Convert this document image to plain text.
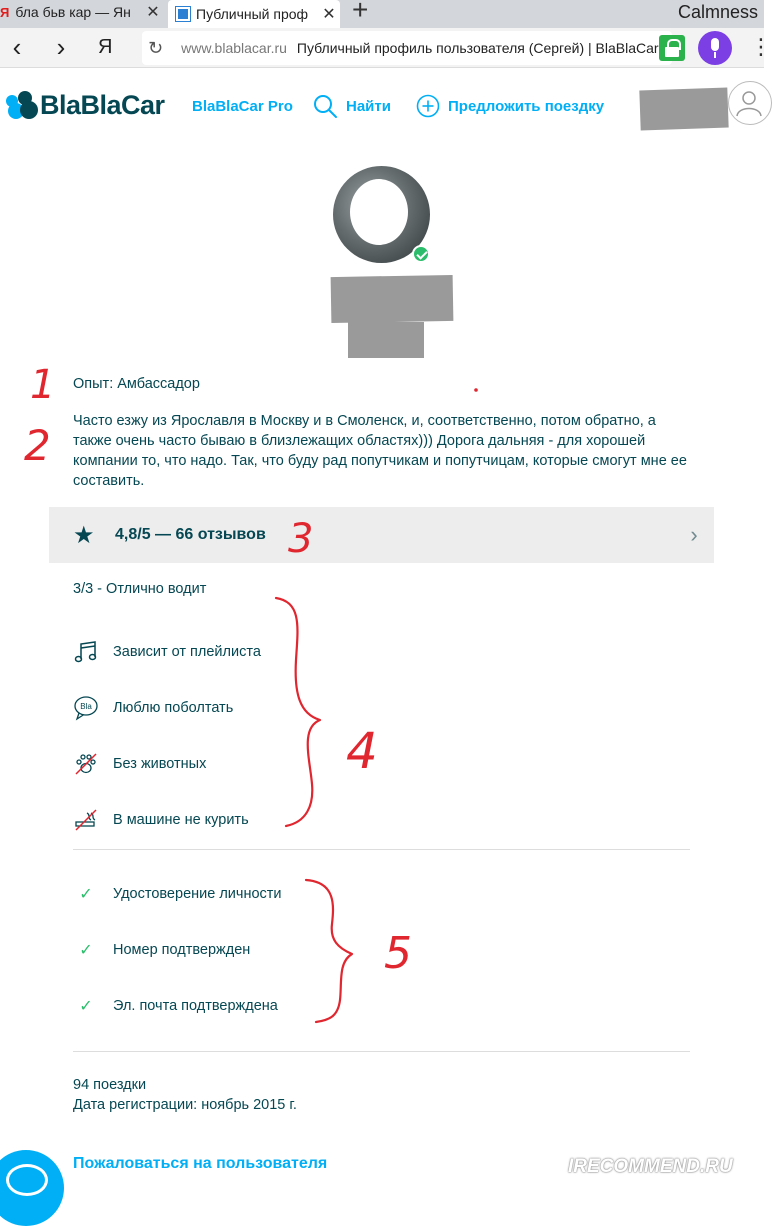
Я бла бьв кар — Ян ✕	Публичный проф ✕ +	Calmness
‹	›	Я ↻ www.blablacar.ru Публичный профиль пользователя (Сергей) | BlaBlaCar	⋮
BlaBlaCar BlaBlaCar Pro	Найти	Предложить поездку
Опыт: Амбассадор
Часто езжу из Ярославля в Москву и в Смоленск, и, соответственно, потом обратно, а также очень часто бываю в близлежащих областях))) Дорога дальняя - для хорошей компании то, что надо. Так, что буду рад попутчикам и попутчицам, которые смогут мне ее составить.
★	4,8/5 — 66 отзывов	›
3/3 - Отлично водит
Зависит от плейлиста
Bla Люблю поболтать
Без животных
В машине не курить
✓	Удостоверение личности
✓	Номер подтвержден
✓	Эл. почта подтверждена
94 поездки
Дата регистрации: ноябрь 2015 г.
Пожаловаться на пользователя
1
2
3
4
5
IRECOMMEND.RU
